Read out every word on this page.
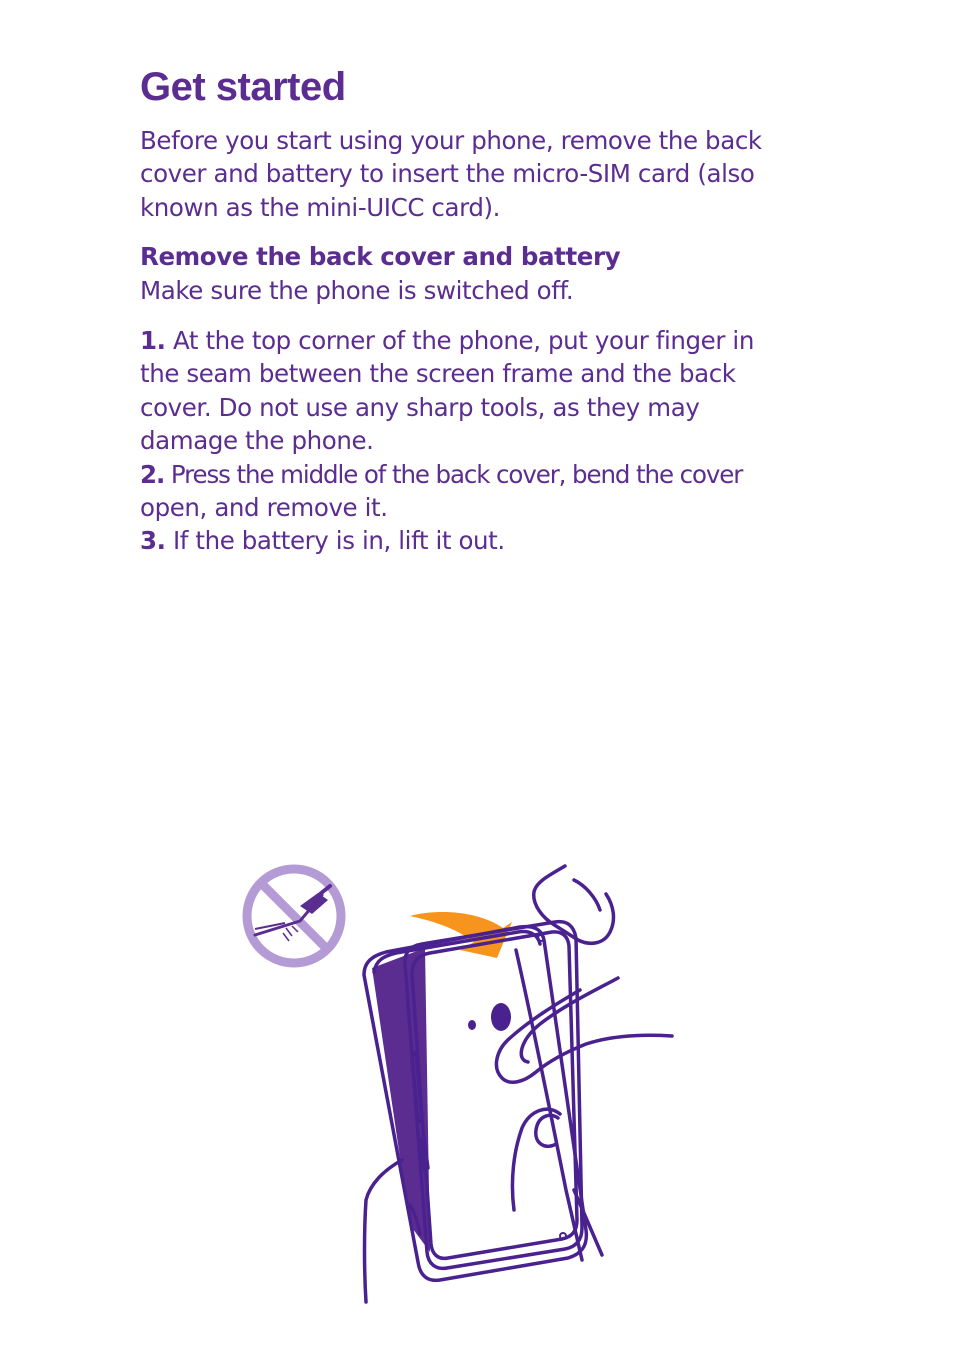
Get started

Before you start using your phone, remove the back

cover and battery to insert the micro-SIM card (also

known as the mini-UICC card).

Remove the back cover and battery

Make sure the phone is switched off.

1. At the top corner of the phone, put your finger in

the seam between the screen frame and the back

cover. Do not use any sharp tools, as they may

damage the phone.

2. Press the middle of the back cover, bend the cover

open, and remove it.

3. If the battery is in, lift it out.
